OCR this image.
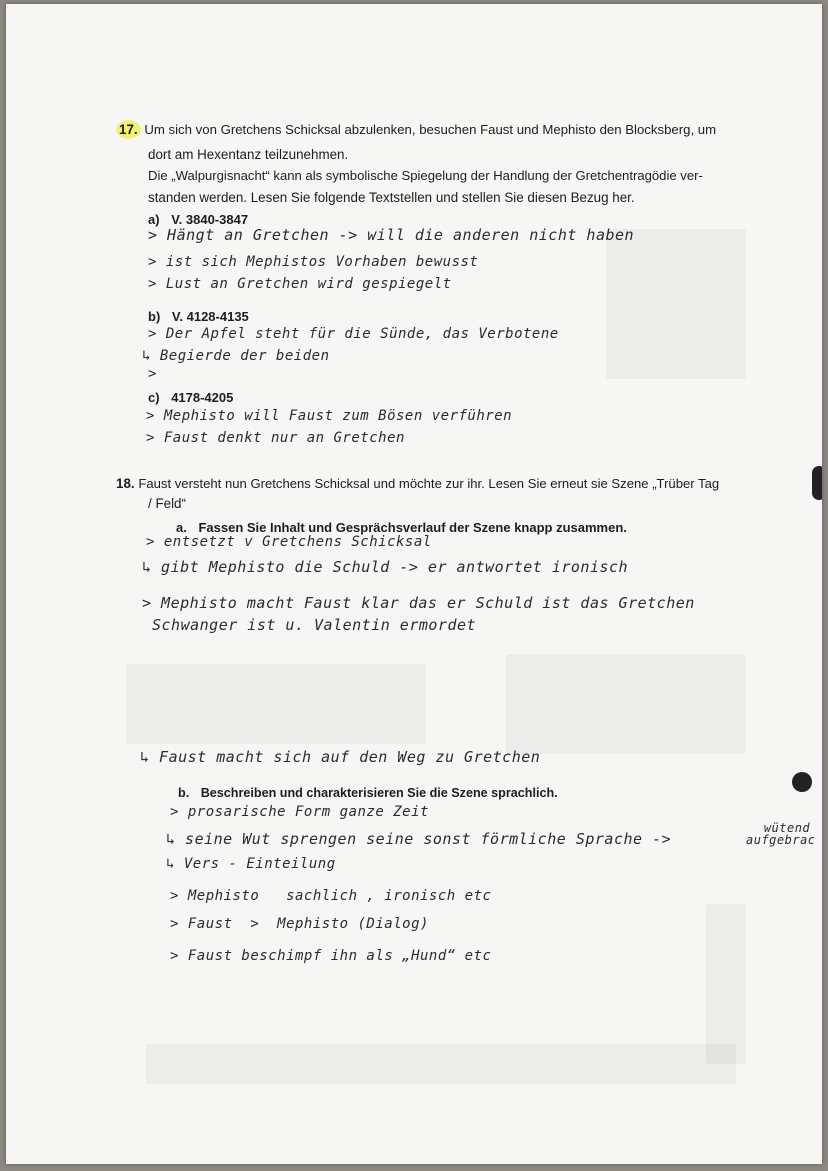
17. Um sich von Gretchens Schicksal abzulenken, besuchen Faust und Mephisto den Blocksberg, um
dort am Hexentanz teilzunehmen.
Die „Walpurgisnacht“ kann als symbolische Spiegelung der Handlung der Gretchentragödie ver-
standen werden. Lesen Sie folgende Textstellen und stellen Sie diesen Bezug her.
a) V. 3840-3847
> Hängt an Gretchen -> will die anderen nicht haben
> ist sich Mephistos Vorhaben bewusst
> Lust an Gretchen wird gespiegelt
b) V. 4128-4135
> Der Apfel steht für die Sünde, das Verbotene
↳ Begierde der beiden
>
c) 4178-4205
> Mephisto will Faust zum Bösen verführen
> Faust denkt nur an Gretchen
18. Faust versteht nun Gretchens Schicksal und möchte zur ihr. Lesen Sie erneut sie Szene „Trüber Tag
/ Feld“
a. Fassen Sie Inhalt und Gesprächsverlauf der Szene knapp zusammen.
> entsetzt v Gretchens Schicksal
↳ gibt Mephisto die Schuld -> er antwortet ironisch
> Mephisto macht Faust klar das er Schuld ist das Gretchen
Schwanger ist u. Valentin ermordet
↳ Faust macht sich auf den Weg zu Gretchen
b. Beschreiben und charakterisieren Sie die Szene sprachlich.
> prosarische Form ganze Zeit
↳ seine Wut sprengen seine sonst förmliche Sprache ->
wütend
aufgebrac
↳ Vers - Einteilung
> Mephisto   sachlich , ironisch etc
> Faust  >  Mephisto (Dialog)
> Faust beschimpf ihn als „Hund“ etc
